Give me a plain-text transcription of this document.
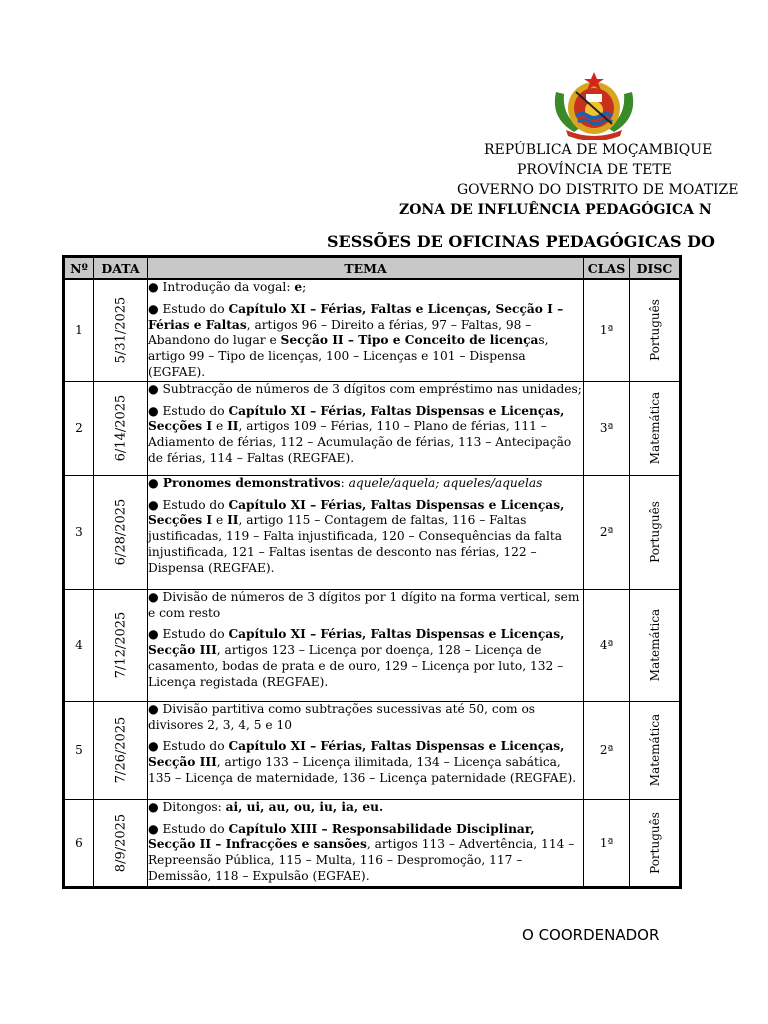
REPÚBLICA DE MOÇAMBIQUE
PROVÍNCIA DE TETE
GOVERNO DO DISTRITO DE MOATIZE
ZONA DE INFLUÊNCIA PEDAGÓGICA N
SESSÕES DE OFICINAS PEDAGÓGICAS DO
Nº	DATA	TEMA	CLAS	DISC
1	5/31/2025	● Introdução da vogal: e;

● Estudo do Capítulo XI – Férias, Faltas e Licenças, Secção I – Férias e Faltas, artigos 96 – Direito a férias, 97 – Faltas, 98 – Abandono do lugar e Secção II – Tipo e Conceito de licenças, artigo 99 – Tipo de licenças, 100 – Licenças e 101 – Dispensa (EGFAE).	1ª	Português

2	6/14/2025	● Subtracção de números de 3 dígitos com empréstimo nas unidades;

● Estudo do Capítulo XI – Férias, Faltas Dispensas e Licenças, Secções I e II, artigos 109 – Férias, 110 – Plano de férias, 111 – Adiamento de férias, 112 – Acumulação de férias, 113 – Antecipação de férias, 114 – Faltas (REGFAE).	3ª	Matemática

3	6/28/2025	● Pronomes demonstrativos: aquele/aquela; aqueles/aquelas

● Estudo do Capítulo XI – Férias, Faltas Dispensas e Licenças, Secções I e II, artigo 115 – Contagem de faltas, 116 – Faltas justificadas, 119 – Falta injustificada, 120 – Consequências da falta injustificada, 121 – Faltas isentas de desconto nas férias, 122 – Dispensa (REGFAE).	2ª	Português

4	7/12/2025	● Divisão de números de 3 dígitos por 1 dígito na forma vertical, sem e com resto

● Estudo do Capítulo XI – Férias, Faltas Dispensas e Licenças, Secção III, artigos 123 – Licença por doença, 128 – Licença de casamento, bodas de prata e de ouro, 129 – Licença por luto, 132 – Licença registada (REGFAE).	4ª	Matemática

5	7/26/2025	● Divisão partitiva como subtrações sucessivas até 50, com os divisores 2, 3, 4, 5 e 10

● Estudo do Capítulo XI – Férias, Faltas Dispensas e Licenças, Secção III, artigo 133 – Licença ilimitada, 134 – Licença sabática, 135 – Licença de maternidade, 136 – Licença paternidade (REGFAE).	2ª	Matemática

6	8/9/2025	● Ditongos: ai, ui, au, ou, iu, ia, eu.

● Estudo do Capítulo XIII – Responsabilidade Disciplinar, Secção II – Infracções e sansões, artigos 113 – Advertência, 114 – Repreensão Pública, 115 – Multa, 116 – Despromoção, 117 – Demissão, 118 – Expulsão (EGFAE).	1ª	Português
O COORDENADOR
